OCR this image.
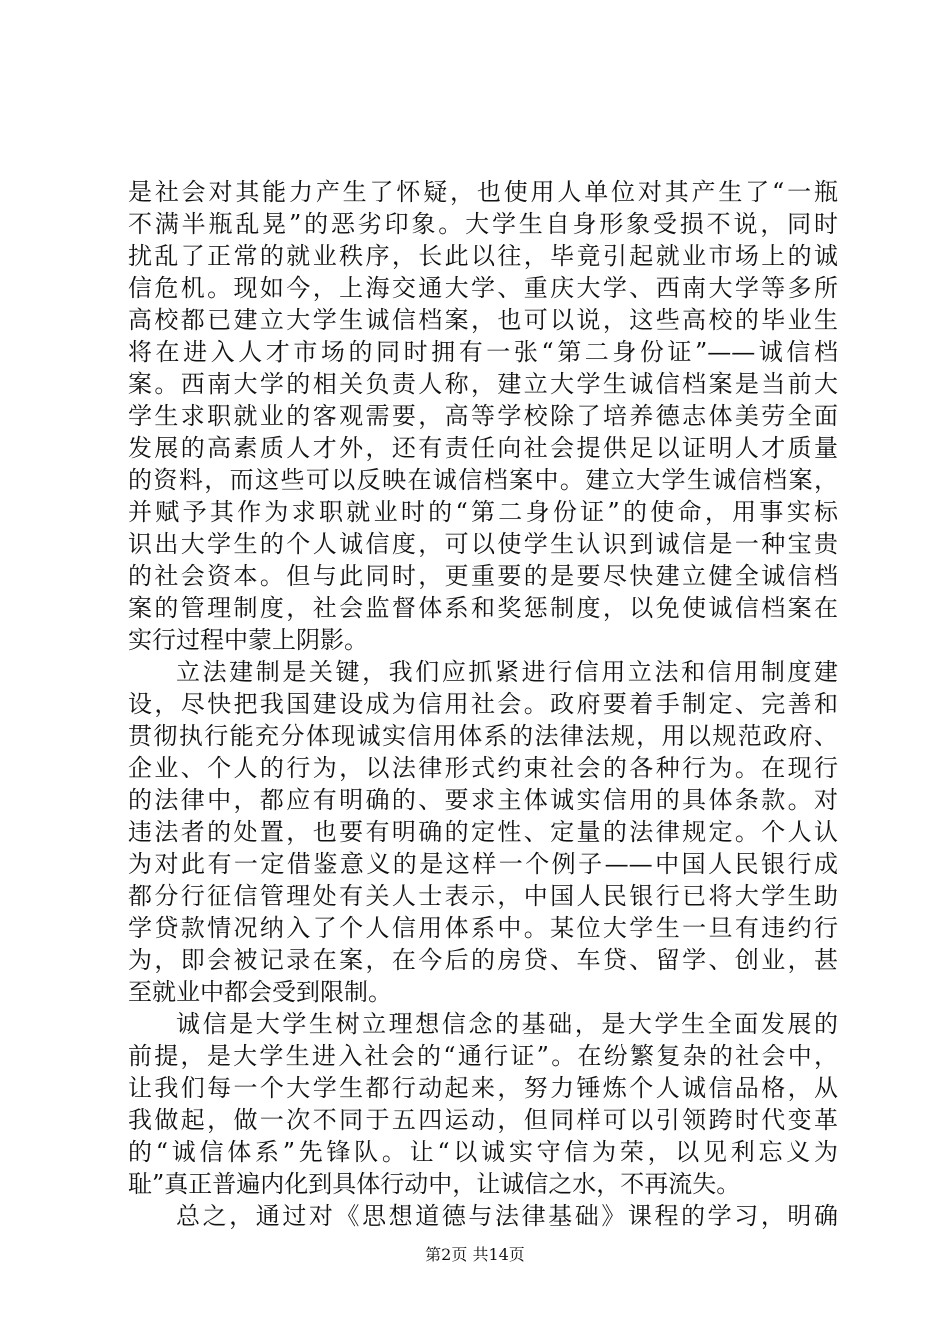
是社会对其能力产生了怀疑，也使用人单位对其产生了“一瓶
不满半瓶乱晃”的恶劣印象。大学生自身形象受损不说，同时
扰乱了正常的就业秩序，长此以往，毕竟引起就业市场上的诚
信危机。现如今，上海交通大学、重庆大学、西南大学等多所
高校都已建立大学生诚信档案，也可以说，这些高校的毕业生
将在进入人才市场的同时拥有一张“第二身份证”——诚信档
案。西南大学的相关负责人称，建立大学生诚信档案是当前大
学生求职就业的客观需要，高等学校除了培养德志体美劳全面
发展的高素质人才外，还有责任向社会提供足以证明人才质量
的资料，而这些可以反映在诚信档案中。建立大学生诚信档案，
并赋予其作为求职就业时的“第二身份证”的使命，用事实标
识出大学生的个人诚信度，可以使学生认识到诚信是一种宝贵
的社会资本。但与此同时，更重要的是要尽快建立健全诚信档
案的管理制度，社会监督体系和奖惩制度，以免使诚信档案在
实行过程中蒙上阴影。
立法建制是关键，我们应抓紧进行信用立法和信用制度建
设，尽快把我国建设成为信用社会。政府要着手制定、完善和
贯彻执行能充分体现诚实信用体系的法律法规，用以规范政府、
企业、个人的行为，以法律形式约束社会的各种行为。在现行
的法律中，都应有明确的、要求主体诚实信用的具体条款。对
违法者的处置，也要有明确的定性、定量的法律规定。个人认
为对此有一定借鉴意义的是这样一个例子——中国人民银行成
都分行征信管理处有关人士表示，中国人民银行已将大学生助
学贷款情况纳入了个人信用体系中。某位大学生一旦有违约行
为，即会被记录在案，在今后的房贷、车贷、留学、创业，甚
至就业中都会受到限制。
诚信是大学生树立理想信念的基础，是大学生全面发展的
前提，是大学生进入社会的“通行证”。在纷繁复杂的社会中，
让我们每一个大学生都行动起来，努力锤炼个人诚信品格，从
我做起，做一次不同于五四运动，但同样可以引领跨时代变革
的“诚信体系”先锋队。让“以诚实守信为荣，以见利忘义为
耻”真正普遍内化到具体行动中，让诚信之水，不再流失。
总之，通过对《思想道德与法律基础》课程的学习，明确
第2页 共14页
